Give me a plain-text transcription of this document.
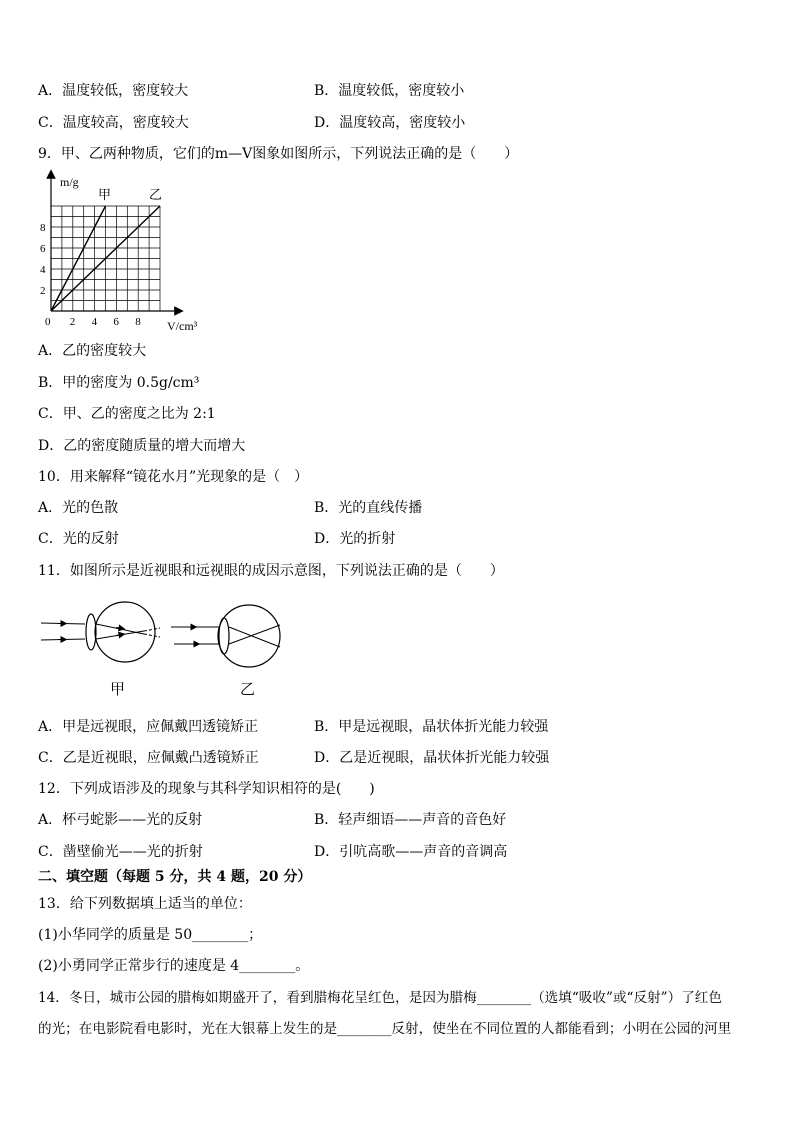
A．温度较低，密度较大	B．温度较低，密度较小
C．温度较高，密度较大	D．温度较高，密度较小
9．甲、乙两种物质，它们的m—V图象如图所示，下列说法正确的是（　　）
0 2 4 6 8
2
4
6
8
m/g
V/cm³
甲	乙
A．乙的密度较大
B．甲的密度为 0.5g/cm³
C．甲、乙的密度之比为 2:1
D．乙的密度随质量的增大而增大
10．用来解释“镜花水月”光现象的是（　）
A．光的色散	B．光的直线传播
C．光的反射	D．光的折射
11．如图所示是近视眼和远视眼的成因示意图，下列说法正确的是（　　）
甲	乙
A．甲是远视眼，应佩戴凹透镜矫正	B．甲是远视眼，晶状体折光能力较强
C．乙是近视眼，应佩戴凸透镜矫正	D．乙是近视眼，晶状体折光能力较强
12．下列成语涉及的现象与其科学知识相符的是(　　)
A．杯弓蛇影——光的反射	B．轻声细语——声音的音色好
C．凿壁偷光——光的折射	D．引吭高歌——声音的音调高
二、填空题（每题 5 分，共 4 题，20 分）
13．给下列数据填上适当的单位：
(1)小华同学的质量是 50________；
(2)小勇同学正常步行的速度是 4________。
14．冬日，城市公园的腊梅如期盛开了，看到腊梅花呈红色，是因为腊梅________（选填“吸收”或“反射”）了红色
的光；在电影院看电影时，光在大银幕上发生的是________反射，使坐在不同位置的人都能看到；小明在公园的河里
